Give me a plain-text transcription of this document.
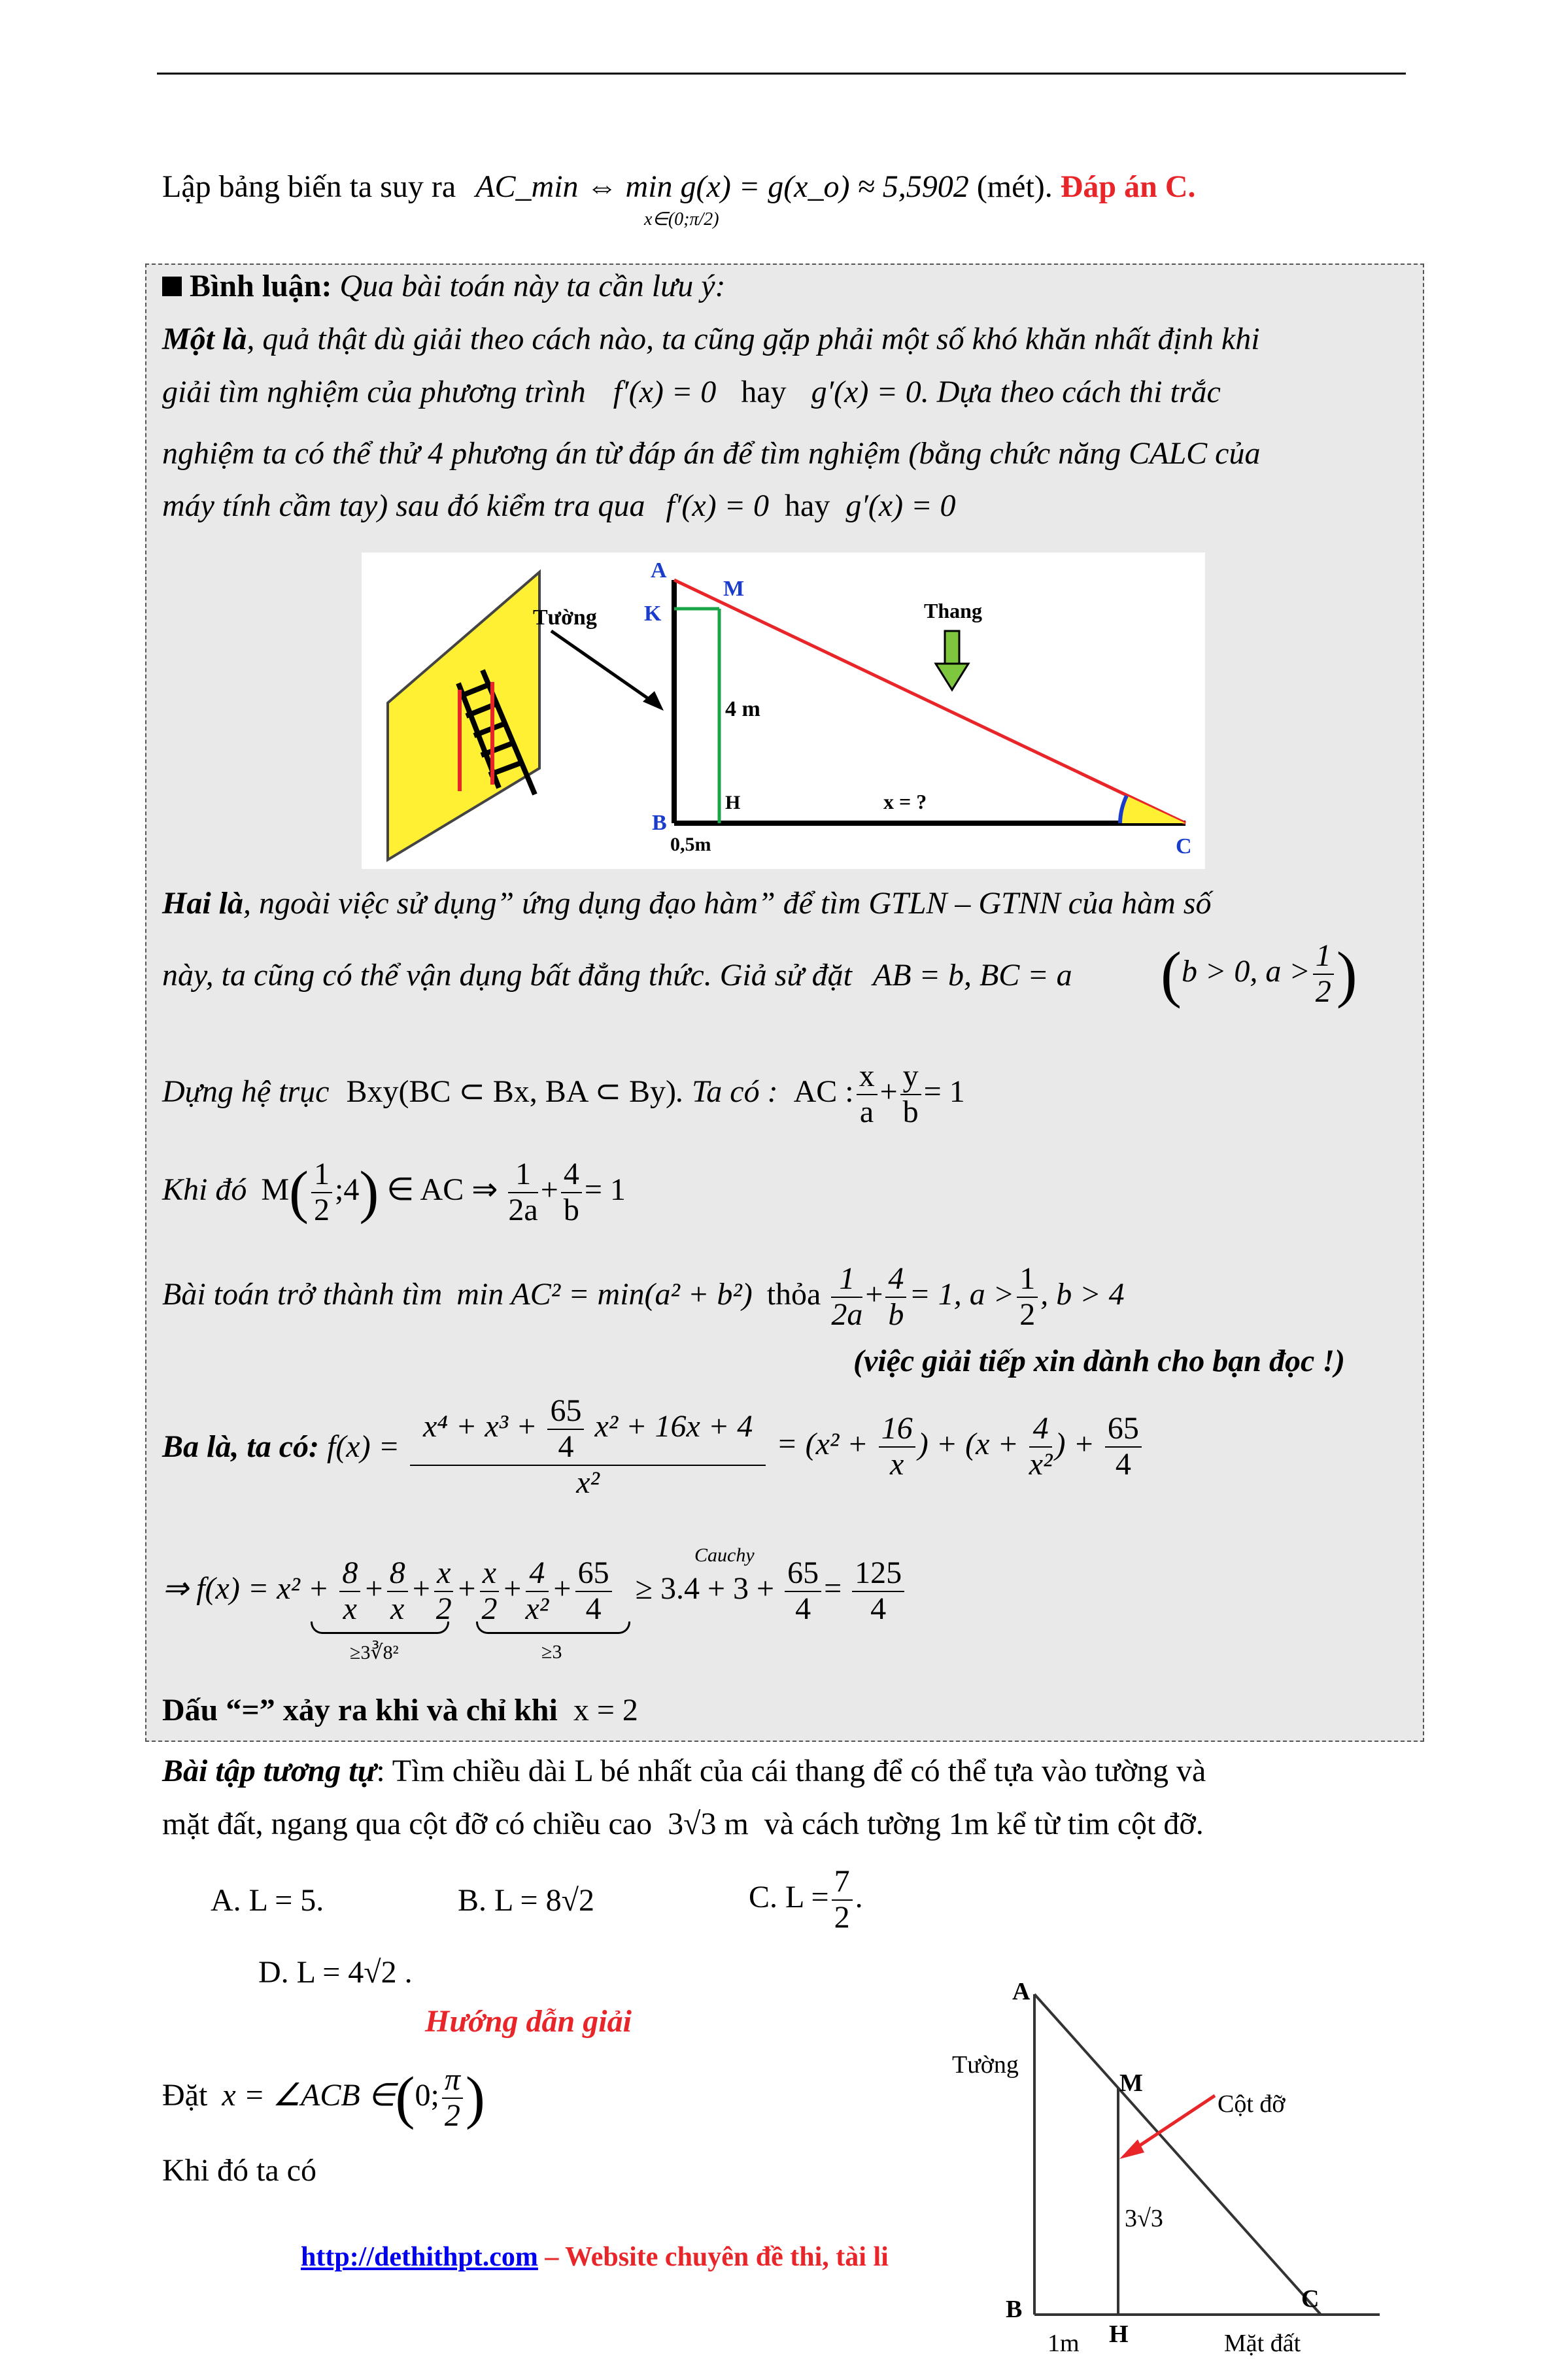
Lập bảng biến ta suy ra AC_min ⇔ min g(x) = g(x_o) ≈ 5,5902 (mét). Đáp án C.
x∈(0;π/2)
Bình luận: Qua bài toán này ta cần lưu ý:
Một là, quả thật dù giải theo cách nào, ta cũng gặp phải một số khó khăn nhất định khi
giải tìm nghiệm của phương trình f′(x) = 0 hay g′(x) = 0. Dựa theo cách thi trắc
nghiệm ta có thể thử 4 phương án từ đáp án để tìm nghiệm (bằng chức năng CALC của
máy tính cầm tay) sau đó kiểm tra qua f′(x) = 0 hay g′(x) = 0
Tường	Thang
A
K
M
B
H
C
4 m
0,5m
x = ?
Hai là, ngoài việc sử dụng” ứng dụng đạo hàm” để tìm GTLN – GTNN của hàm số
này, ta cũng có thể vận dụng bất đẳng thức. Giả sử đặt AB = b, BC = a (b > 0, $a > \frac{1}{2}$ )
Dựng hệ trục Bxy(BC ⊂ Bx, BA ⊂ By). Ta có : AC : $\frac{x}{a} + \frac{y}{b} = 1$
Khi đó $M( \frac{1}{2}$ ;4) ∈ AC ⇒ $\frac{1}{2a} + \frac{4}{b} = 1$
Bài toán trở thành tìm min AC² = min(a² + b²) thỏa $\frac{1}{2a} + \frac{4}{b} = 1$, $a > \frac{1}{2}$ , b > 4
(việc giải tiếp xin dành cho bạn đọc !)
Ba là, ta có: $f(x) = \frac{x^4 + x^3 + \frac{65}{4} x^2 + 16x + 4}{\text{x²}} = (x^2 + \frac{16}{x}$ ) + ($x + \frac{4}{\text{x²}}$ ) + $\frac{65}{4}$
⇒ $f(x) = x^2 + \frac{8}{x} + \frac{8}{x} + \frac{x}{2} + \frac{x}{2} + \frac{4}{\text{x²}} + \frac{65}{4} \ge 3.4 + 3 + \frac{65}{4} = \frac{125}{4}$
Cauchy
≥3∛8²	≥3
Dấu “=” xảy ra khi và chỉ khi x = 2
Bài tập tương tự: Tìm chiều dài L bé nhất của cái thang để có thể tựa vào tường và
mặt đất, ngang qua cột đỡ có chiều cao 3√3 m và cách tường 1m kể từ tim cột đỡ.
A. L = 5.	B. L = 8√2	C. $L = \frac{7}{2}$ .
D. L = 4√2 .
Hướng dẫn giải
Đặt x = ∠ACB ∈(0; $\frac{\pi}{2}$ )
Khi đó ta có
A
M
B
H
C
Tường
Cột đỡ
Mặt đất
3√3
1m
http://dethithpt.com – Website chuyên đề thi, tài li
